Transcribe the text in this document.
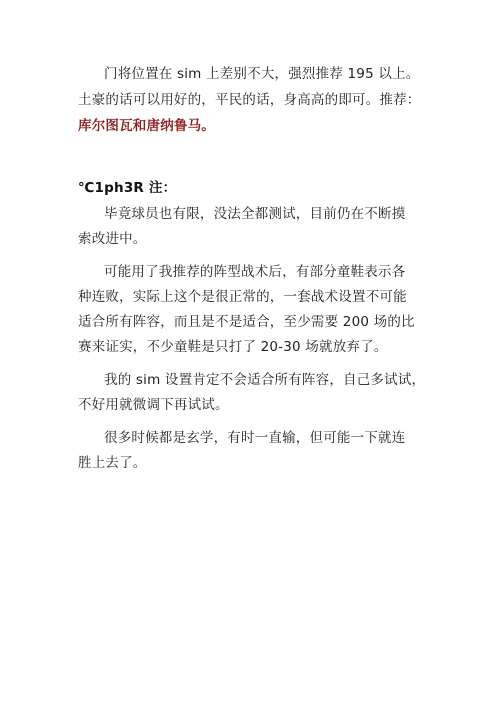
门将位置在 sim 上差别不大，强烈推荐 195 以上。
土豪的话可以用好的，平民的话，身高高的即可。推荐：
库尔图瓦和唐纳鲁马。
℃1ph3R 注：
毕竟球员也有限，没法全都测试，目前仍在不断摸
索改进中。
可能用了我推荐的阵型战术后，有部分童鞋表示各
种连败，实际上这个是很正常的，一套战术设置不可能
适合所有阵容，而且是不是适合，至少需要 200 场的比
赛来证实，不少童鞋是只打了 20-30 场就放弃了。
我的 sim 设置肯定不会适合所有阵容，自己多试试，
不好用就微调下再试试。
很多时候都是玄学，有时一直输，但可能一下就连
胜上去了。
